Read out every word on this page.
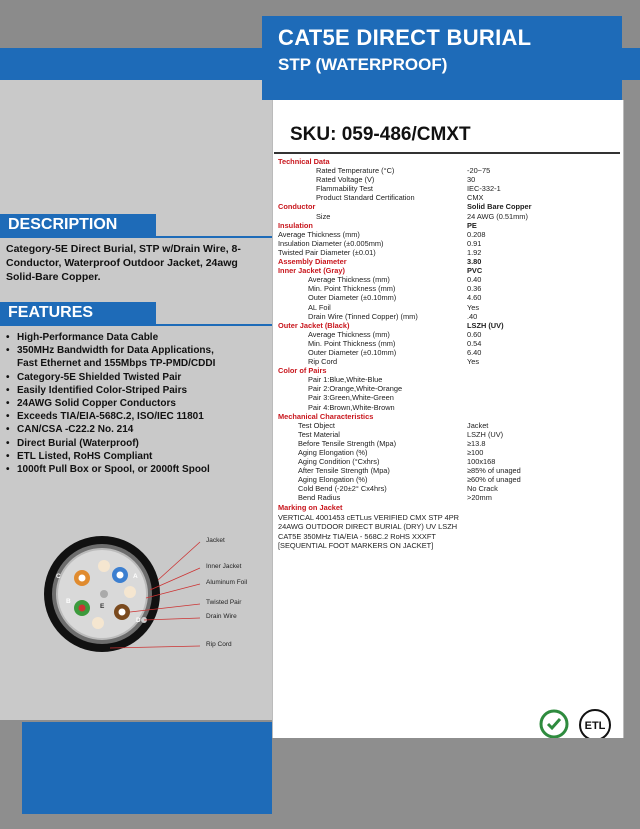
CAT5E DIRECT BURIAL
STP (WATERPROOF)
SKU: 059-486/CMXT
DESCRIPTION
Category-5E Direct Burial, STP w/Drain Wire, 8-Conductor, Waterproof Outdoor Jacket, 24awg Solid-Bare Copper.
FEATURES
• High-Performance Data Cable
• 350MHz Bandwidth for Data Applications,
Fast Ethernet and 155Mbps TP-PMD/CDDI
• Category-5E Shielded Twisted Pair
• Easily Identified Color-Striped Pairs
• 24AWG Solid Copper Conductors
• Exceeds TIA/EIA-568C.2, ISO/IEC 11801
• CAN/CSA -C22.2 No. 214
• Direct Burial (Waterproof)
• ETL Listed, RoHS Compliant
• 1000ft Pull Box or Spool, or 2000ft Spool
Technical Data
Rated Temperature (°C)	-20~75
Rated Voltage (V)	30
Flammability Test	IEC-332-1
Product Standard Certification	CMX
Conductor	Solid Bare Copper
Size	24 AWG (0.51mm)
Insulation	PE
Average Thickness (mm)	0.208
Insulation Diameter (±0.005mm)	0.91
Twisted Pair Diameter (±0.01)	1.92
Assembly Diameter	3.80
Inner Jacket (Gray)	PVC
Average Thickness (mm)	0.40
Min. Point Thickness (mm)	0.36
Outer Diameter (±0.10mm)	4.60
AL Foil	Yes
Drain Wire (Tinned Copper) (mm)	.40
Outer Jacket (Black)	LSZH (UV)
Average Thickness (mm)	0.60
Min. Point Thickness (mm)	0.54
Outer Diameter (±0.10mm)	6.40
Rip Cord	Yes
Color of Pairs
Pair 1:Blue,White-Blue
Pair 2:Orange,White-Orange
Pair 3:Green,White-Green
Pair 4:Brown,White-Brown
Mechanical Characteristics
Test Object	Jacket
Test Material	LSZH (UV)
Before Tensile Strength (Mpa)	≥13.8
Aging Elongation (%)	≥100
Aging Condition (°Cxhrs)	100x168
After Tensile Strength (Mpa)	≥85% of unaged
Aging Elongation (%)	≥60% of unaged
Cold Bend (-20±2° Cx4hrs)	No Crack
Bend Radius	>20mm
Marking on Jacket
VERTICAL 4001453 cETLus VERIFIED CMX STP 4PR
24AWG OUTDOOR DIRECT BURIAL (DRY) UV LSZH
CAT5E 350MHz TIA/EIA - 568C.2 RoHS XXXFT
[SEQUENTIAL FOOT MARKERS ON JACKET]
Jacket
Inner Jacket
Aluminum Foil
Twisted Pair
Drain Wire
Rip Cord
C	A
B
D
E
ETL
